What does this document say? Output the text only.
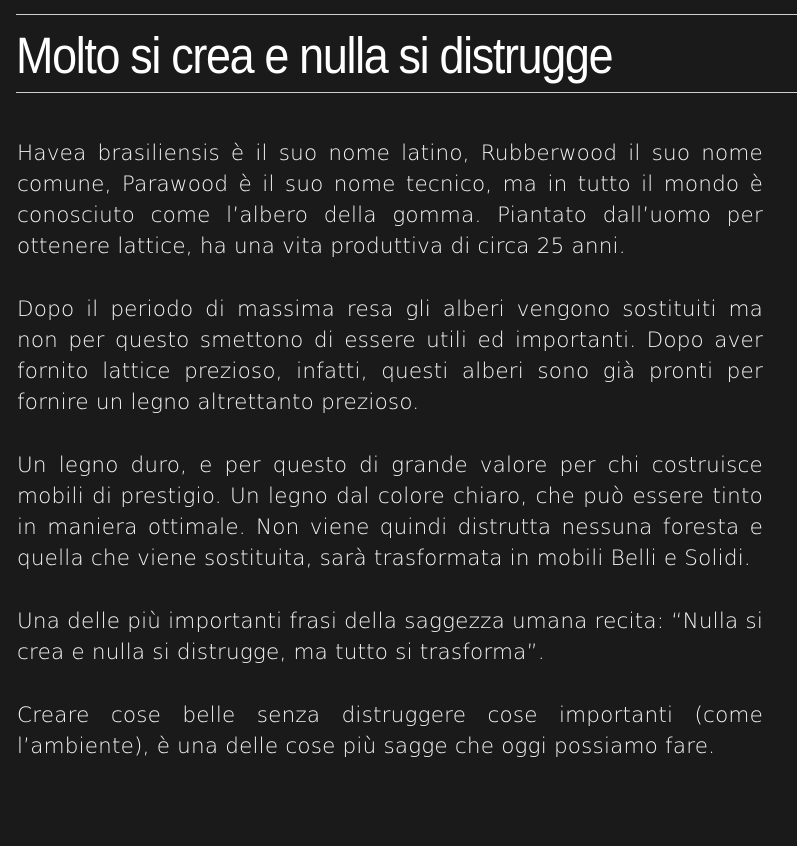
Molto si crea e nulla si distrugge

Havea brasiliensis è il suo nome latino, Rubberwood il suo nome comune, Parawood è il suo nome tecnico, ma in tutto il mondo è conosciuto come l’albero della gomma. Piantato dall’uomo per ottenere lattice, ha una vita produttiva di circa 25 anni.

Dopo il periodo di massima resa gli alberi vengono sostituiti ma non per questo smettono di essere utili ed importanti. Dopo aver fornito lattice prezioso, infatti, questi alberi sono già pronti per fornire un legno altrettanto prezioso.

Un legno duro, e per questo di grande valore per chi costruisce mobili di prestigio. Un legno dal colore chiaro, che può essere tinto in maniera ottimale. Non viene quindi distrutta nessuna foresta e quella che viene sostituita, sarà trasformata in mobili Belli e Solidi.

Una delle più importanti frasi della saggezza umana recita: “Nulla si crea e nulla si distrugge, ma tutto si trasforma”.

Creare cose belle senza distruggere cose importanti (come l’ambiente), è una delle cose più sagge che oggi possiamo fare.
